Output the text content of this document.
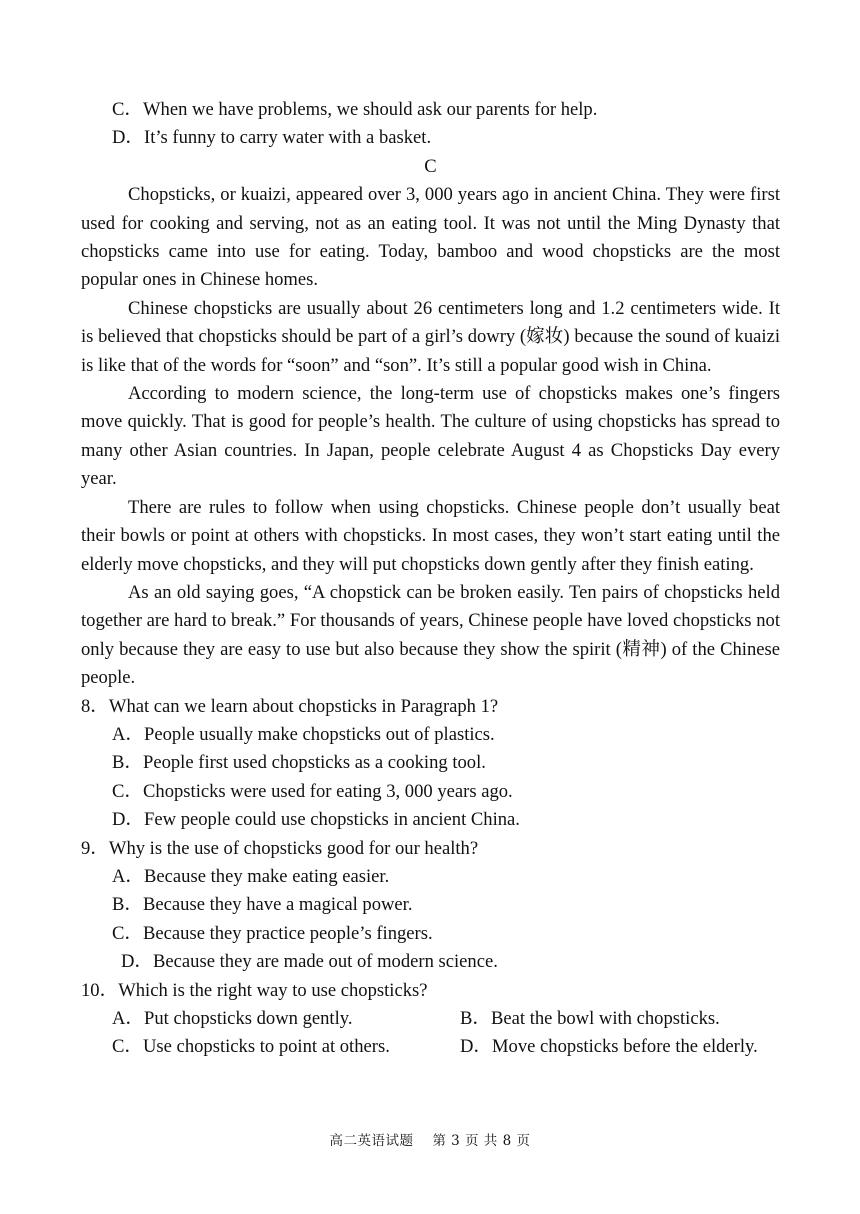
C．When we have problems, we should ask our parents for help.
D．It’s funny to carry water with a basket.
C
Chopsticks, or kuaizi, appeared over 3, 000 years ago in ancient China. They were first used for cooking and serving, not as an eating tool. It was not until the Ming Dynasty that chopsticks came into use for eating. Today, bamboo and wood chopsticks are the most popular ones in Chinese homes.
Chinese chopsticks are usually about 26 centimeters long and 1.2 centimeters wide. It is believed that chopsticks should be part of a girl’s dowry (嫁妆) because the sound of kuaizi is like that of the words for “soon” and “son”. It’s still a popular good wish in China.
According to modern science, the long-term use of chopsticks makes one’s fingers move quickly. That is good for people’s health. The culture of using chopsticks has spread to many other Asian countries. In Japan, people celebrate August 4 as Chopsticks Day every year.
There are rules to follow when using chopsticks. Chinese people don’t usually beat their bowls or point at others with chopsticks. In most cases, they won’t start eating until the elderly move chopsticks, and they will put chopsticks down gently after they finish eating.
As an old saying goes, “A chopstick can be broken easily. Ten pairs of chopsticks held together are hard to break.” For thousands of years, Chinese people have loved chopsticks not only because they are easy to use but also because they show the spirit (精神) of the Chinese people.
8．What can we learn about chopsticks in Paragraph 1?
A．People usually make chopsticks out of plastics.
B．People first used chopsticks as a cooking tool.
C．Chopsticks were used for eating 3, 000 years ago.
D．Few people could use chopsticks in ancient China.
9．Why is the use of chopsticks good for our health?
A．Because they make eating easier.
B．Because they have a magical power.
C．Because they practice people’s fingers.
D．Because they are made out of modern science.
10．Which is the right way to use chopsticks?
A．Put chopsticks down gently.	B．Beat the bowl with chopsticks.
C．Use chopsticks to point at others.	D．Move chopsticks before the elderly.
高二英语试题　 第 3 页 共 8 页
